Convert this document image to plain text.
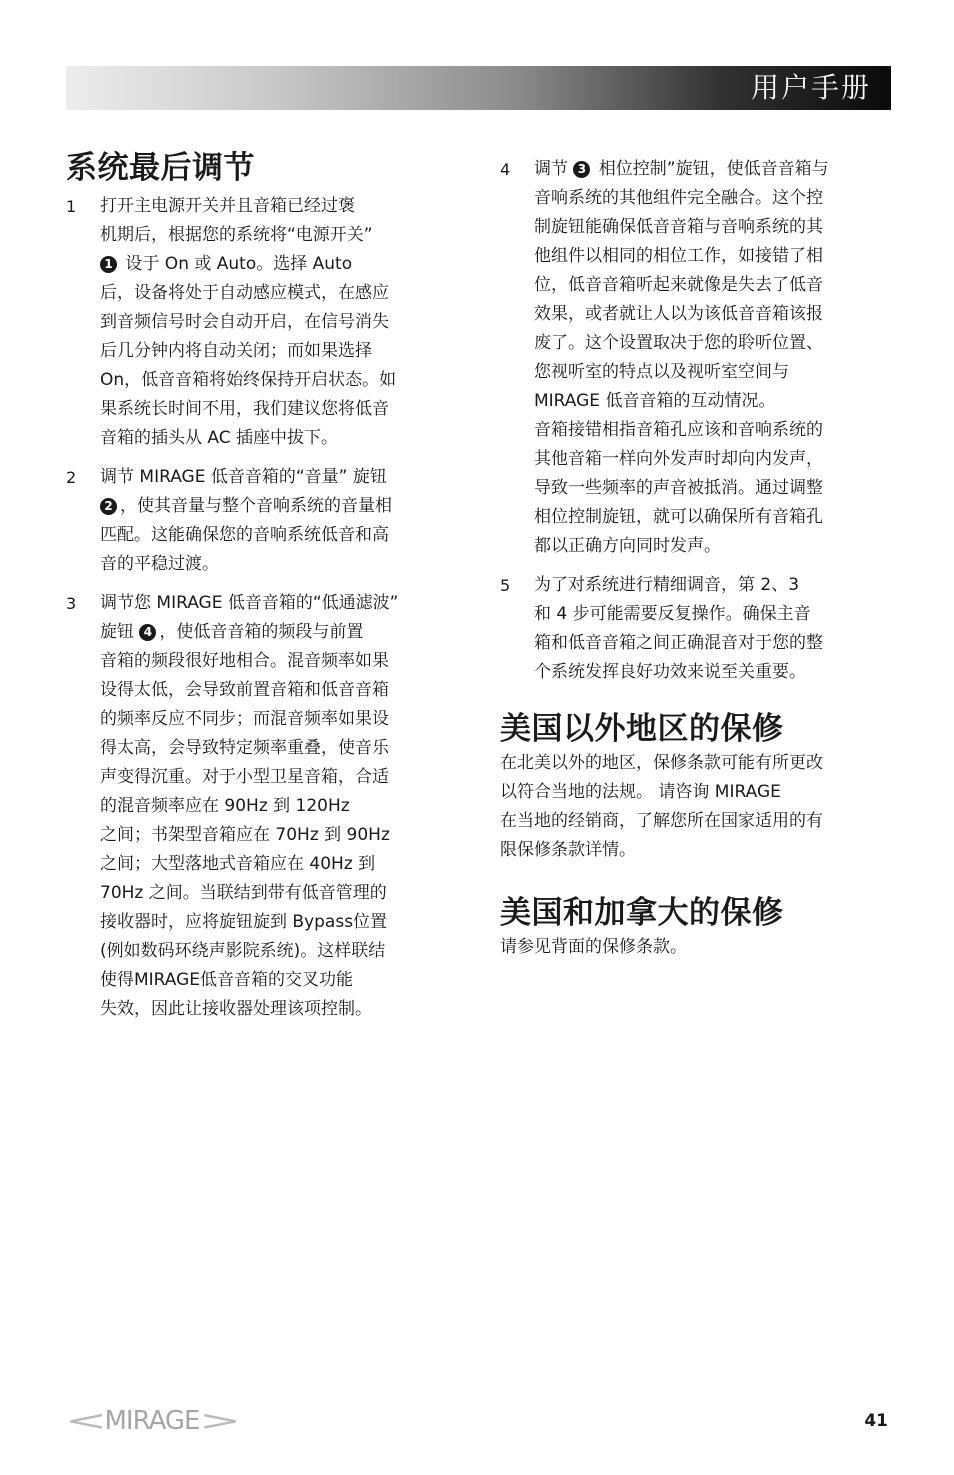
用户手册
系统最后调节
1	打开主电源开关并且音箱已经过褒
机期后，根据您的系统将“电源开关”
1 设于 On 或 Auto。选择 Auto
后，设备将处于自动感应模式，在感应
到音频信号时会自动开启，在信号消失
后几分钟内将自动关闭；而如果选择
On，低音音箱将始终保持开启状态。如
果系统长时间不用，我们建议您将低音
音箱的插头从 AC 插座中拔下。
2	调节 MIRAGE 低音音箱的“音量” 旋钮
2 ，使其音量与整个音响系统的音量相
匹配。这能确保您的音响系统低音和高
音的平稳过渡。
3	调节您 MIRAGE 低音音箱的“低通滤波”
旋钮 4 ，使低音音箱的频段与前置
音箱的频段很好地相合。混音频率如果
设得太低，会导致前置音箱和低音音箱
的频率反应不同步；而混音频率如果设
得太高，会导致特定频率重叠，使音乐
声变得沉重。对于小型卫星音箱，合适
的混音频率应在 90Hz 到 120Hz
之间；书架型音箱应在 70Hz 到 90Hz
之间；大型落地式音箱应在 40Hz 到
70Hz 之间。当联结到带有低音管理的
接收器时，应将旋钮旋到 Bypass位置
(例如数码环绕声影院系统)。这样联结
使得MIRAGE低音音箱的交叉功能
失效，因此让接收器处理该项控制。
4	调节 3 相位控制”旋钮，使低音音箱与
音响系统的其他组件完全融合。这个控
制旋钮能确保低音音箱与音响系统的其
他组件以相同的相位工作，如接错了相
位，低音音箱听起来就像是失去了低音
效果，或者就让人以为该低音音箱该报
废了。这个设置取决于您的聆听位置、
您视听室的特点以及视听室空间与
MIRAGE 低音音箱的互动情况。
音箱接错相指音箱孔应该和音响系统的
其他音箱一样向外发声时却向内发声，
导致一些频率的声音被抵消。通过调整
相位控制旋钮，就可以确保所有音箱孔
都以正确方向同时发声。
5	为了对系统进行精细调音，第 2、3
和 4 步可能需要反复操作。确保主音
箱和低音音箱之间正确混音对于您的整
个系统发挥良好功效来说至关重要。
美国以外地区的保修
在北美以外的地区，保修条款可能有所更改
以符合当地的法规。 请咨询 MIRAGE
在当地的经销商，了解您所在国家适用的有
限保修条款详情。
美国和加拿大的保修
请参见背面的保修条款。
< MIRAGE >	41
